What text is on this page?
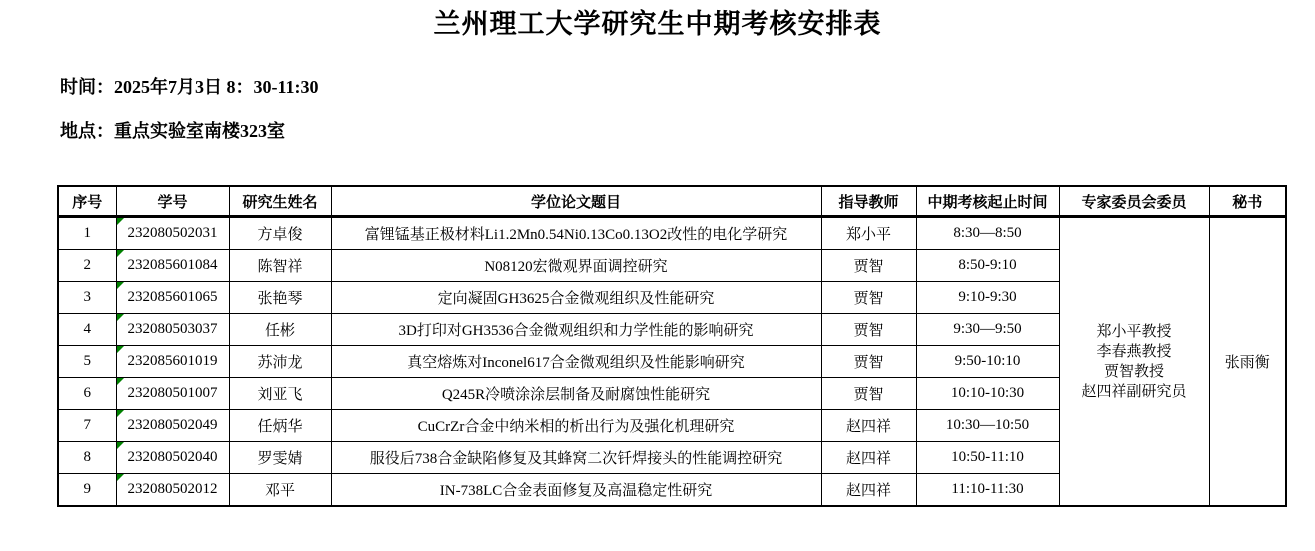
兰州理工大学研究生中期考核安排表
时间：2025年7月3日 8：30-11:30
地点：重点实验室南楼323室
序号	学号	研究生姓名	学位论文题目	指导教师	中期考核起止时间	专家委员会委员	秘书
1	232080502031	方卓俊	富锂锰基正极材料Li1.2Mn0.54Ni0.13Co0.13O2改性的电化学研究	郑小平	8:30—8:50	郑小平教授
李春燕教授
贾智教授
赵四祥副研究员	张雨衡
2	232085601084	陈智祥	N08120宏微观界面调控研究	贾智	8:50-9:10		
3	232085601065	张艳琴	定向凝固GH3625合金微观组织及性能研究	贾智	9:10-9:30		
4	232080503037	任彬	3D打印对GH3536合金微观组织和力学性能的影响研究	贾智	9:30—9:50		
5	232085601019	苏沛龙	真空熔炼对Inconel617合金微观组织及性能影响研究	贾智	9:50-10:10		
6	232080501007	刘亚飞	Q245R冷喷涂涂层制备及耐腐蚀性能研究	贾智	10:10-10:30		
7	232080502049	任炳华	CuCrZr合金中纳米相的析出行为及强化机理研究	赵四祥	10:30—10:50		
8	232080502040	罗雯婧	服役后738合金缺陷修复及其蜂窝二次钎焊接头的性能调控研究	赵四祥	10:50-11:10		
9	232080502012	邓平	IN-738LC合金表面修复及高温稳定性研究	赵四祥	11:10-11:30		
